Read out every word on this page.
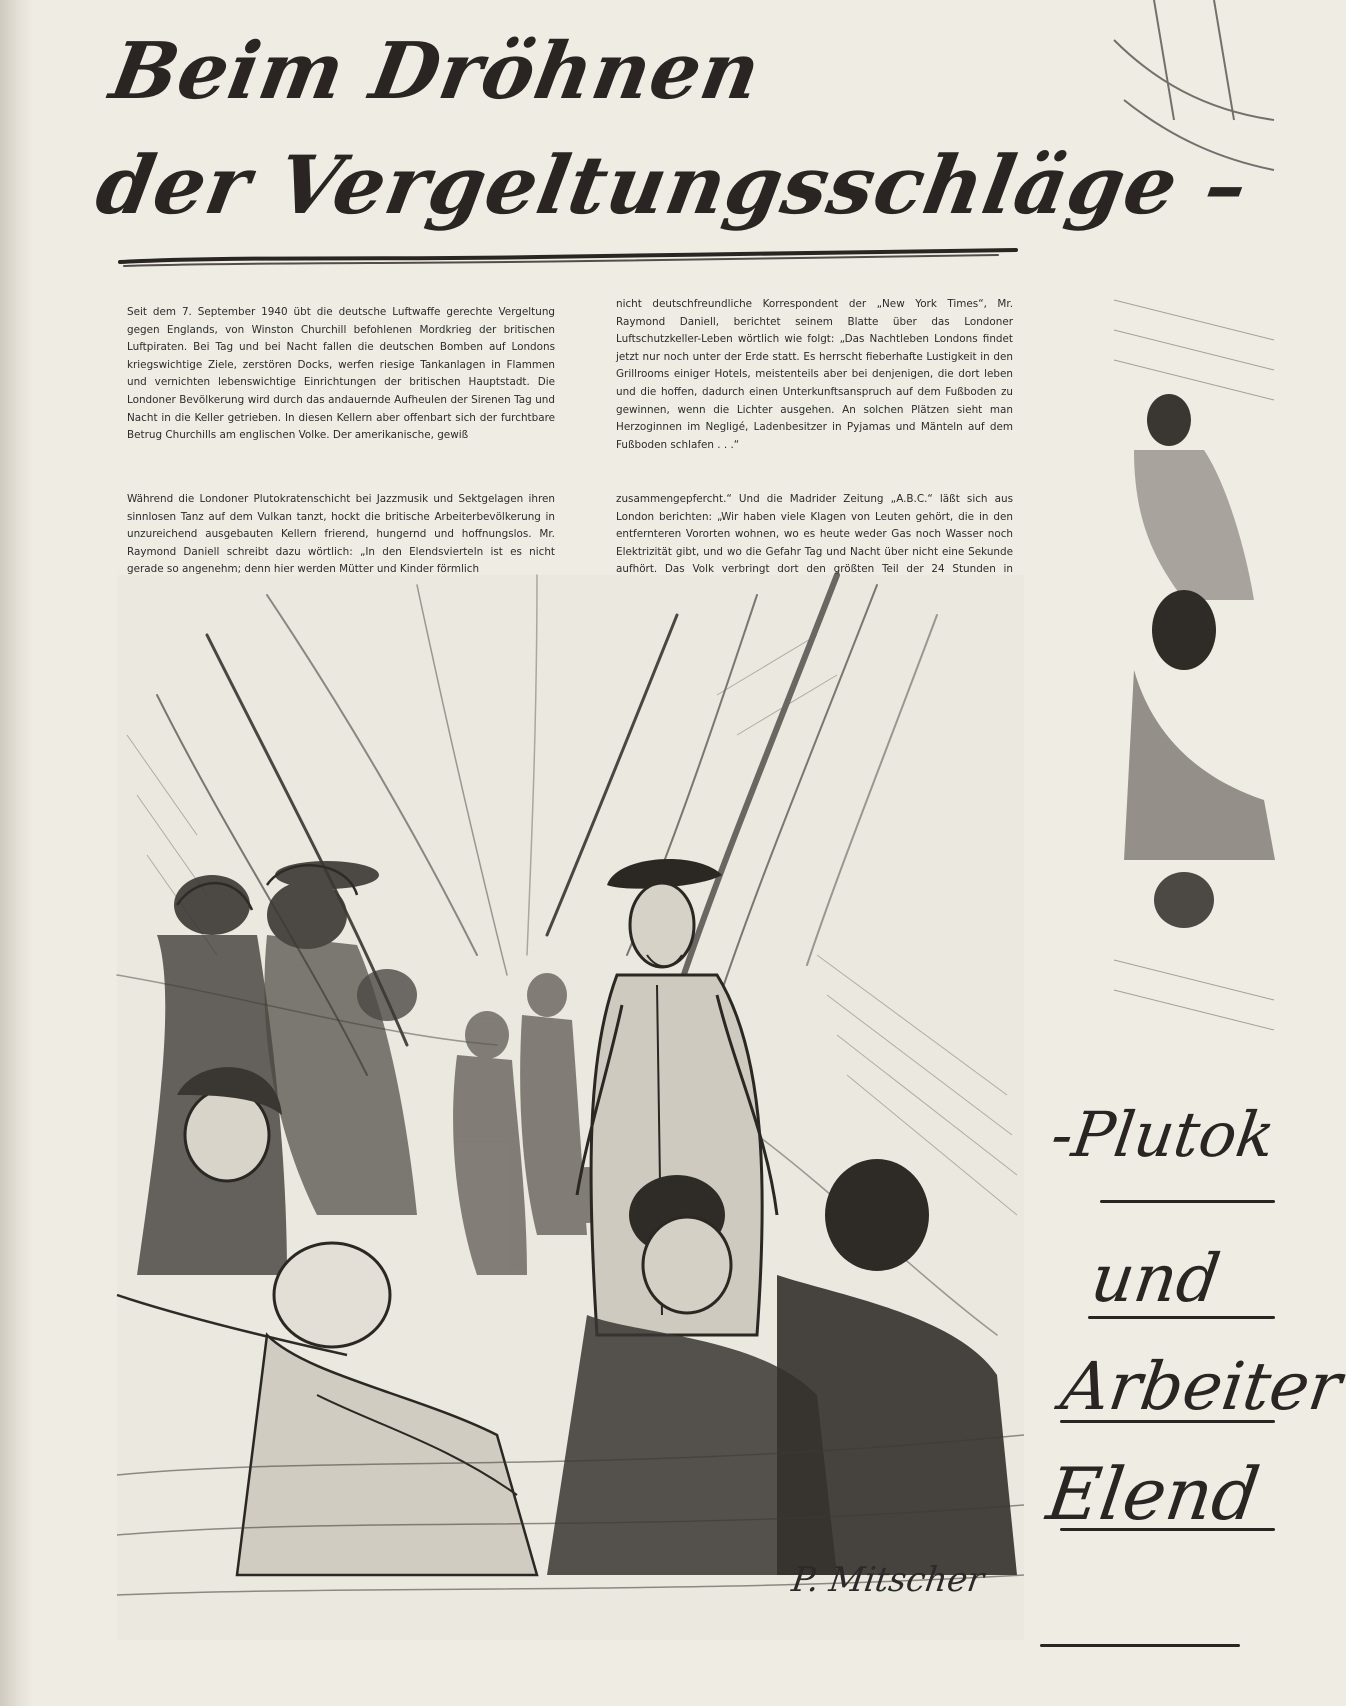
Beim Dröhnen
der Vergeltungsschläge –

Seit dem 7. September 1940 übt die deutsche Luftwaffe gerechte Vergeltung gegen Englands, von Winston Churchill befohlenen Mordkrieg der britischen Luftpiraten. Bei Tag und bei Nacht fallen die deutschen Bomben auf Londons kriegswichtige Ziele, zerstören Docks, werfen riesige Tankanlagen in Flammen und vernichten lebenswichtige Einrichtungen der britischen Hauptstadt. Die Londoner Bevölkerung wird durch das andauernde Aufheulen der Sirenen Tag und Nacht in die Keller getrieben. In diesen Kellern aber offenbart sich der furchtbare Betrug Churchills am englischen Volke. Der amerikanische, gewiß

nicht deutschfreundliche Korrespondent der „New York Times“, Mr. Raymond Daniell, berichtet seinem Blatte über das Londoner Luftschutzkeller-Leben wörtlich wie folgt: „Das Nachtleben Londons findet jetzt nur noch unter der Erde statt. Es herrscht fieberhafte Lustigkeit in den Grillrooms einiger Hotels, meistenteils aber bei denjenigen, die dort leben und die hoffen, dadurch einen Unterkunftsanspruch auf dem Fußboden zu gewinnen, wenn die Lichter ausgehen. An solchen Plätzen sieht man Herzoginnen im Negligé, Ladenbesitzer in Pyjamas und Mänteln auf dem Fußboden schlafen . . .“

Während die Londoner Plutokratenschicht bei Jazzmusik und Sektgelagen ihren sinnlosen Tanz auf dem Vulkan tanzt, hockt die britische Arbeiterbevölkerung in unzureichend ausgebauten Kellern frierend, hungernd und hoffnungslos. Mr. Raymond Daniell schreibt dazu wörtlich: „In den Elendsvierteln ist es nicht gerade so angenehm; denn hier werden Mütter und Kinder förmlich

zusammengepfercht.“ Und die Madrider Zeitung „A.B.C.“ läßt sich aus London berichten: „Wir haben viele Klagen von Leuten gehört, die in den entfernteren Vororten wohnen, wo es heute weder Gas noch Wasser noch Elektrizität gibt, und wo die Gefahr Tag und Nacht über nicht eine Sekunde aufhört. Das Volk verbringt dort den größten Teil der 24 Stunden in

P. Mitscher

-Plutok

und

Arbeiter

Elend
